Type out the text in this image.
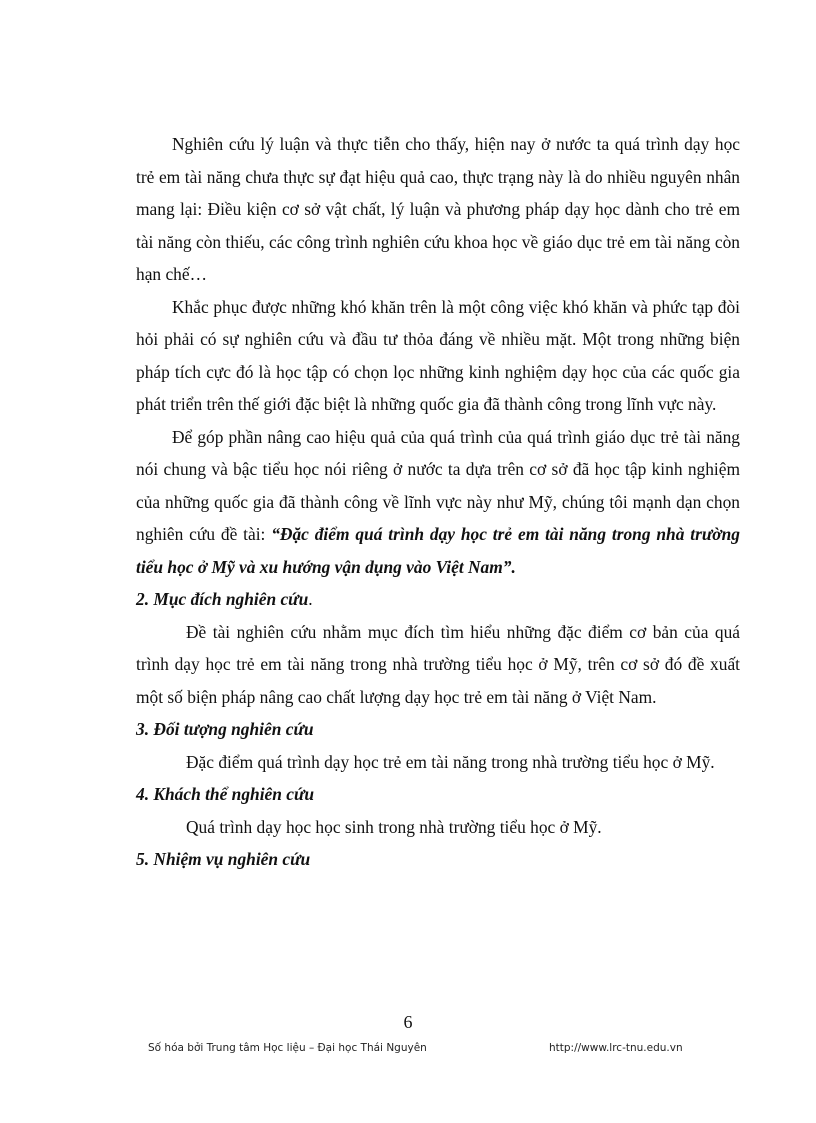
Nghiên cứu lý luận và thực tiễn cho thấy, hiện nay ở nước ta quá trình dạy học trẻ em tài năng chưa thực sự đạt hiệu quả cao, thực trạng này là do nhiều nguyên nhân mang lại: Điều kiện cơ sở vật chất, lý luận và phương pháp dạy học dành cho trẻ em tài năng còn thiếu, các công trình nghiên cứu khoa học về giáo dục trẻ em tài năng còn hạn chế…

Khắc phục được những khó khăn trên là một công việc khó khăn và phức tạp đòi hỏi phải có sự nghiên cứu và đầu tư thỏa đáng về nhiều mặt. Một trong những biện pháp tích cực đó là học tập có chọn lọc những kinh nghiệm dạy học của các quốc gia phát triển trên thế giới đặc biệt là những quốc gia đã thành công trong lĩnh vực này.

Để góp phần nâng cao hiệu quả của quá trình của quá trình giáo dục trẻ tài năng nói chung và bậc tiểu học nói riêng ở nước ta dựa trên cơ sở đã học tập kinh nghiệm của những quốc gia đã thành công về lĩnh vực này như Mỹ, chúng tôi mạnh dạn chọn nghiên cứu đề tài: “Đặc điểm quá trình dạy học trẻ em tài năng trong nhà trường tiểu học ở Mỹ và xu hướng vận dụng vào Việt Nam”.

2. Mục đích nghiên cứu.

Đề tài nghiên cứu nhằm mục đích tìm hiểu những đặc điểm cơ bản của quá trình dạy học trẻ em tài năng trong nhà trường tiểu học ở Mỹ, trên cơ sở đó đề xuất một số biện pháp nâng cao chất lượng dạy học trẻ em tài năng ở Việt Nam.

3. Đối tượng nghiên cứu

Đặc điểm quá trình dạy học trẻ em tài năng trong nhà trường tiểu học ở Mỹ.

4. Khách thể nghiên cứu

Quá trình dạy học học sinh trong nhà trường tiểu học ở Mỹ.

5. Nhiệm vụ nghiên cứu

6
Số hóa bởi Trung tâm Học liệu – Đại học Thái Nguyên	http://www.lrc-tnu.edu.vn
